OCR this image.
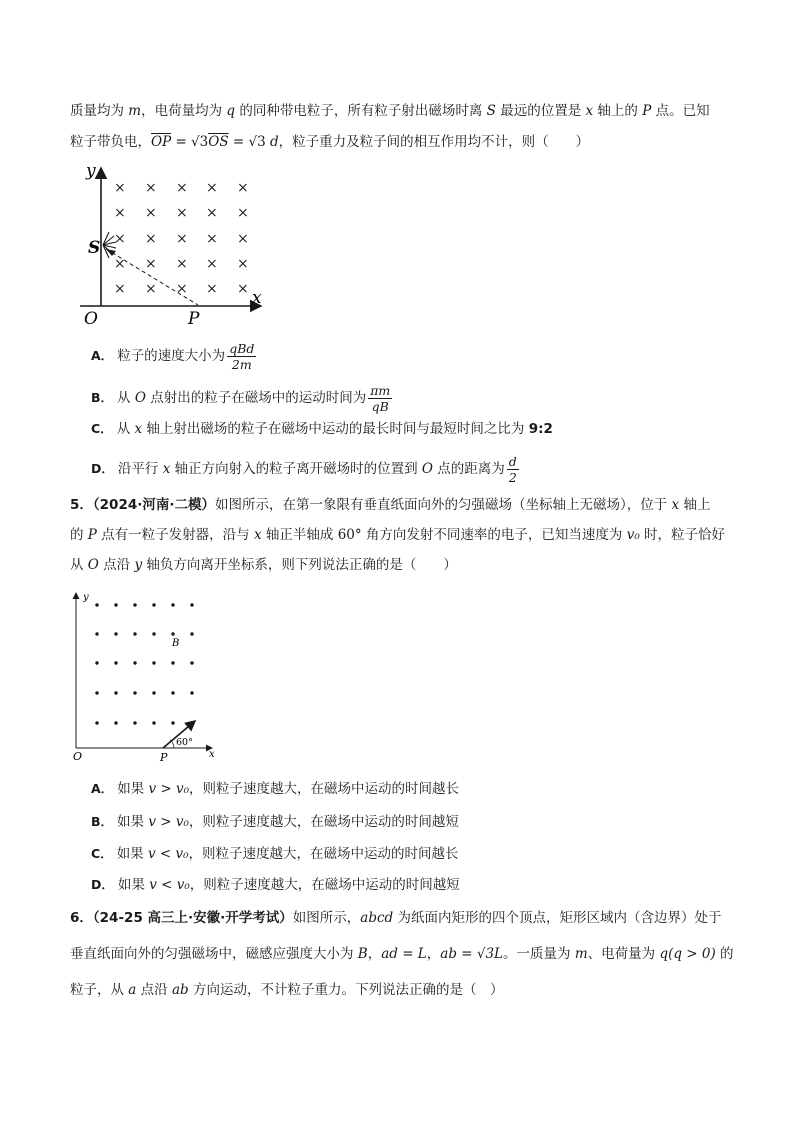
质量均为 m，电荷量均为 q 的同种带电粒子，所有粒子射出磁场时离 S 最远的位置是 x 轴上的 P 点。已知
粒子带负电，$\overline{OP} = √3\overline{OS} = √3$ d，粒子重力及粒子间的相互作用均不计，则（　　）
y
x
O	P
S
× × × × ×
× × × × ×
× × × × ×
× × × × ×
× × × × ×
A． 粒子的速度大小为 $\frac{\text{qBd}}{2m}$
B． 从 O 点射出的粒子在磁场中的运动时间为 $\frac{\pi m}{qB}$
C． 从 x 轴上射出磁场的粒子在磁场中运动的最长时间与最短时间之比为 9:2
D． 沿平行 x 轴正方向射入的粒子离开磁场时的位置到 O 点的距离为 $\frac{d}{2}$
5．（2024·河南·二模）如图所示，在第一象限有垂直纸面向外的匀强磁场（坐标轴上无磁场），位于 x 轴上
的 P 点有一粒子发射器，沿与 x 轴正半轴成 60° 角方向发射不同速率的电子，已知当速度为 v₀ 时，粒子恰好
从 O 点沿 y 轴负方向离开坐标系，则下列说法正确的是（　　）
y
x
O	P
B
60°
A． 如果 v > v₀，则粒子速度越大，在磁场中运动的时间越长
B． 如果 v > v₀，则粒子速度越大，在磁场中运动的时间越短
C． 如果 v < v₀，则粒子速度越大，在磁场中运动的时间越长
D． 如果 v < v₀，则粒子速度越大，在磁场中运动的时间越短
6．（24-25 高三上·安徽·开学考试）如图所示，abcd 为纸面内矩形的四个顶点，矩形区域内（含边界）处于
垂直纸面向外的匀强磁场中，磁感应强度大小为 B，ad = L，ab = √3L。一质量为 m、电荷量为 q(q > 0) 的
粒子，从 a 点沿 ab 方向运动，不计粒子重力。下列说法正确的是（　）
